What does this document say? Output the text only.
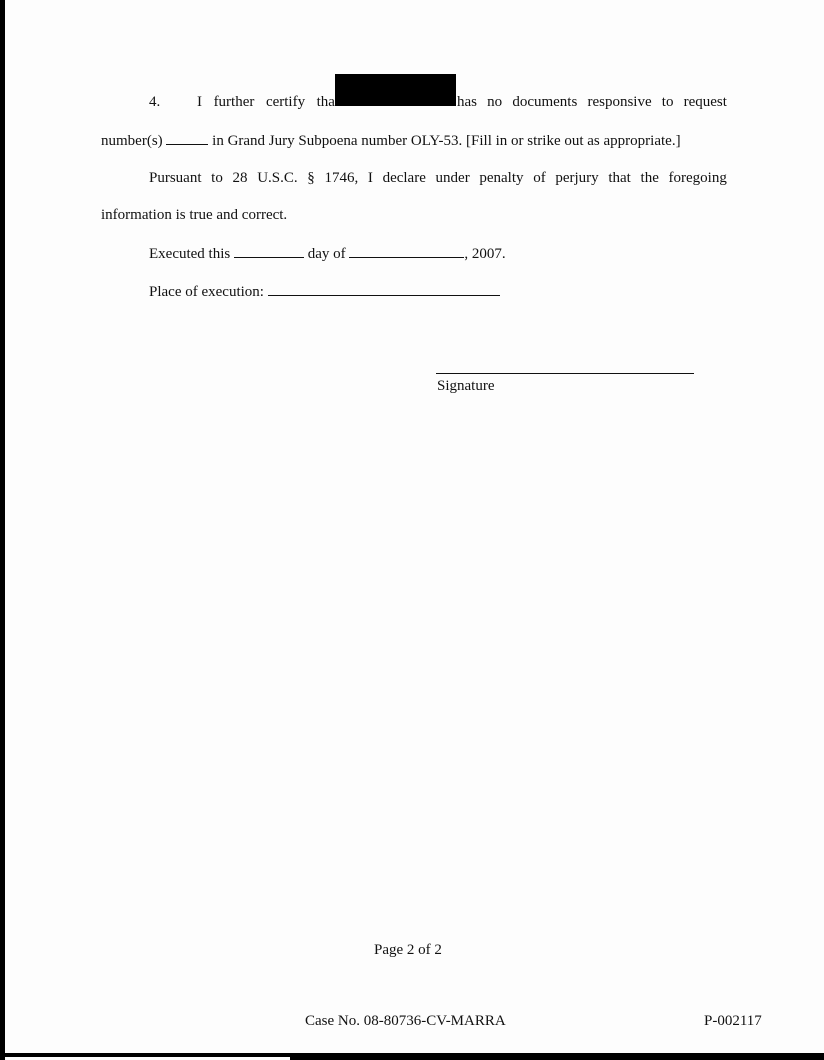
4. I further certify tha	has no documents responsive to request
number(s)	in Grand Jury Subpoena number OLY-53. [Fill in or strike out as appropriate.]
Pursuant to 28 U.S.C. § 1746, I declare under penalty of perjury that the foregoing
information is true and correct.
Executed this	day of	, 2007.
Place of execution:
Signature
Page 2 of 2
Case No. 08-80736-CV-MARRA	P-002117
